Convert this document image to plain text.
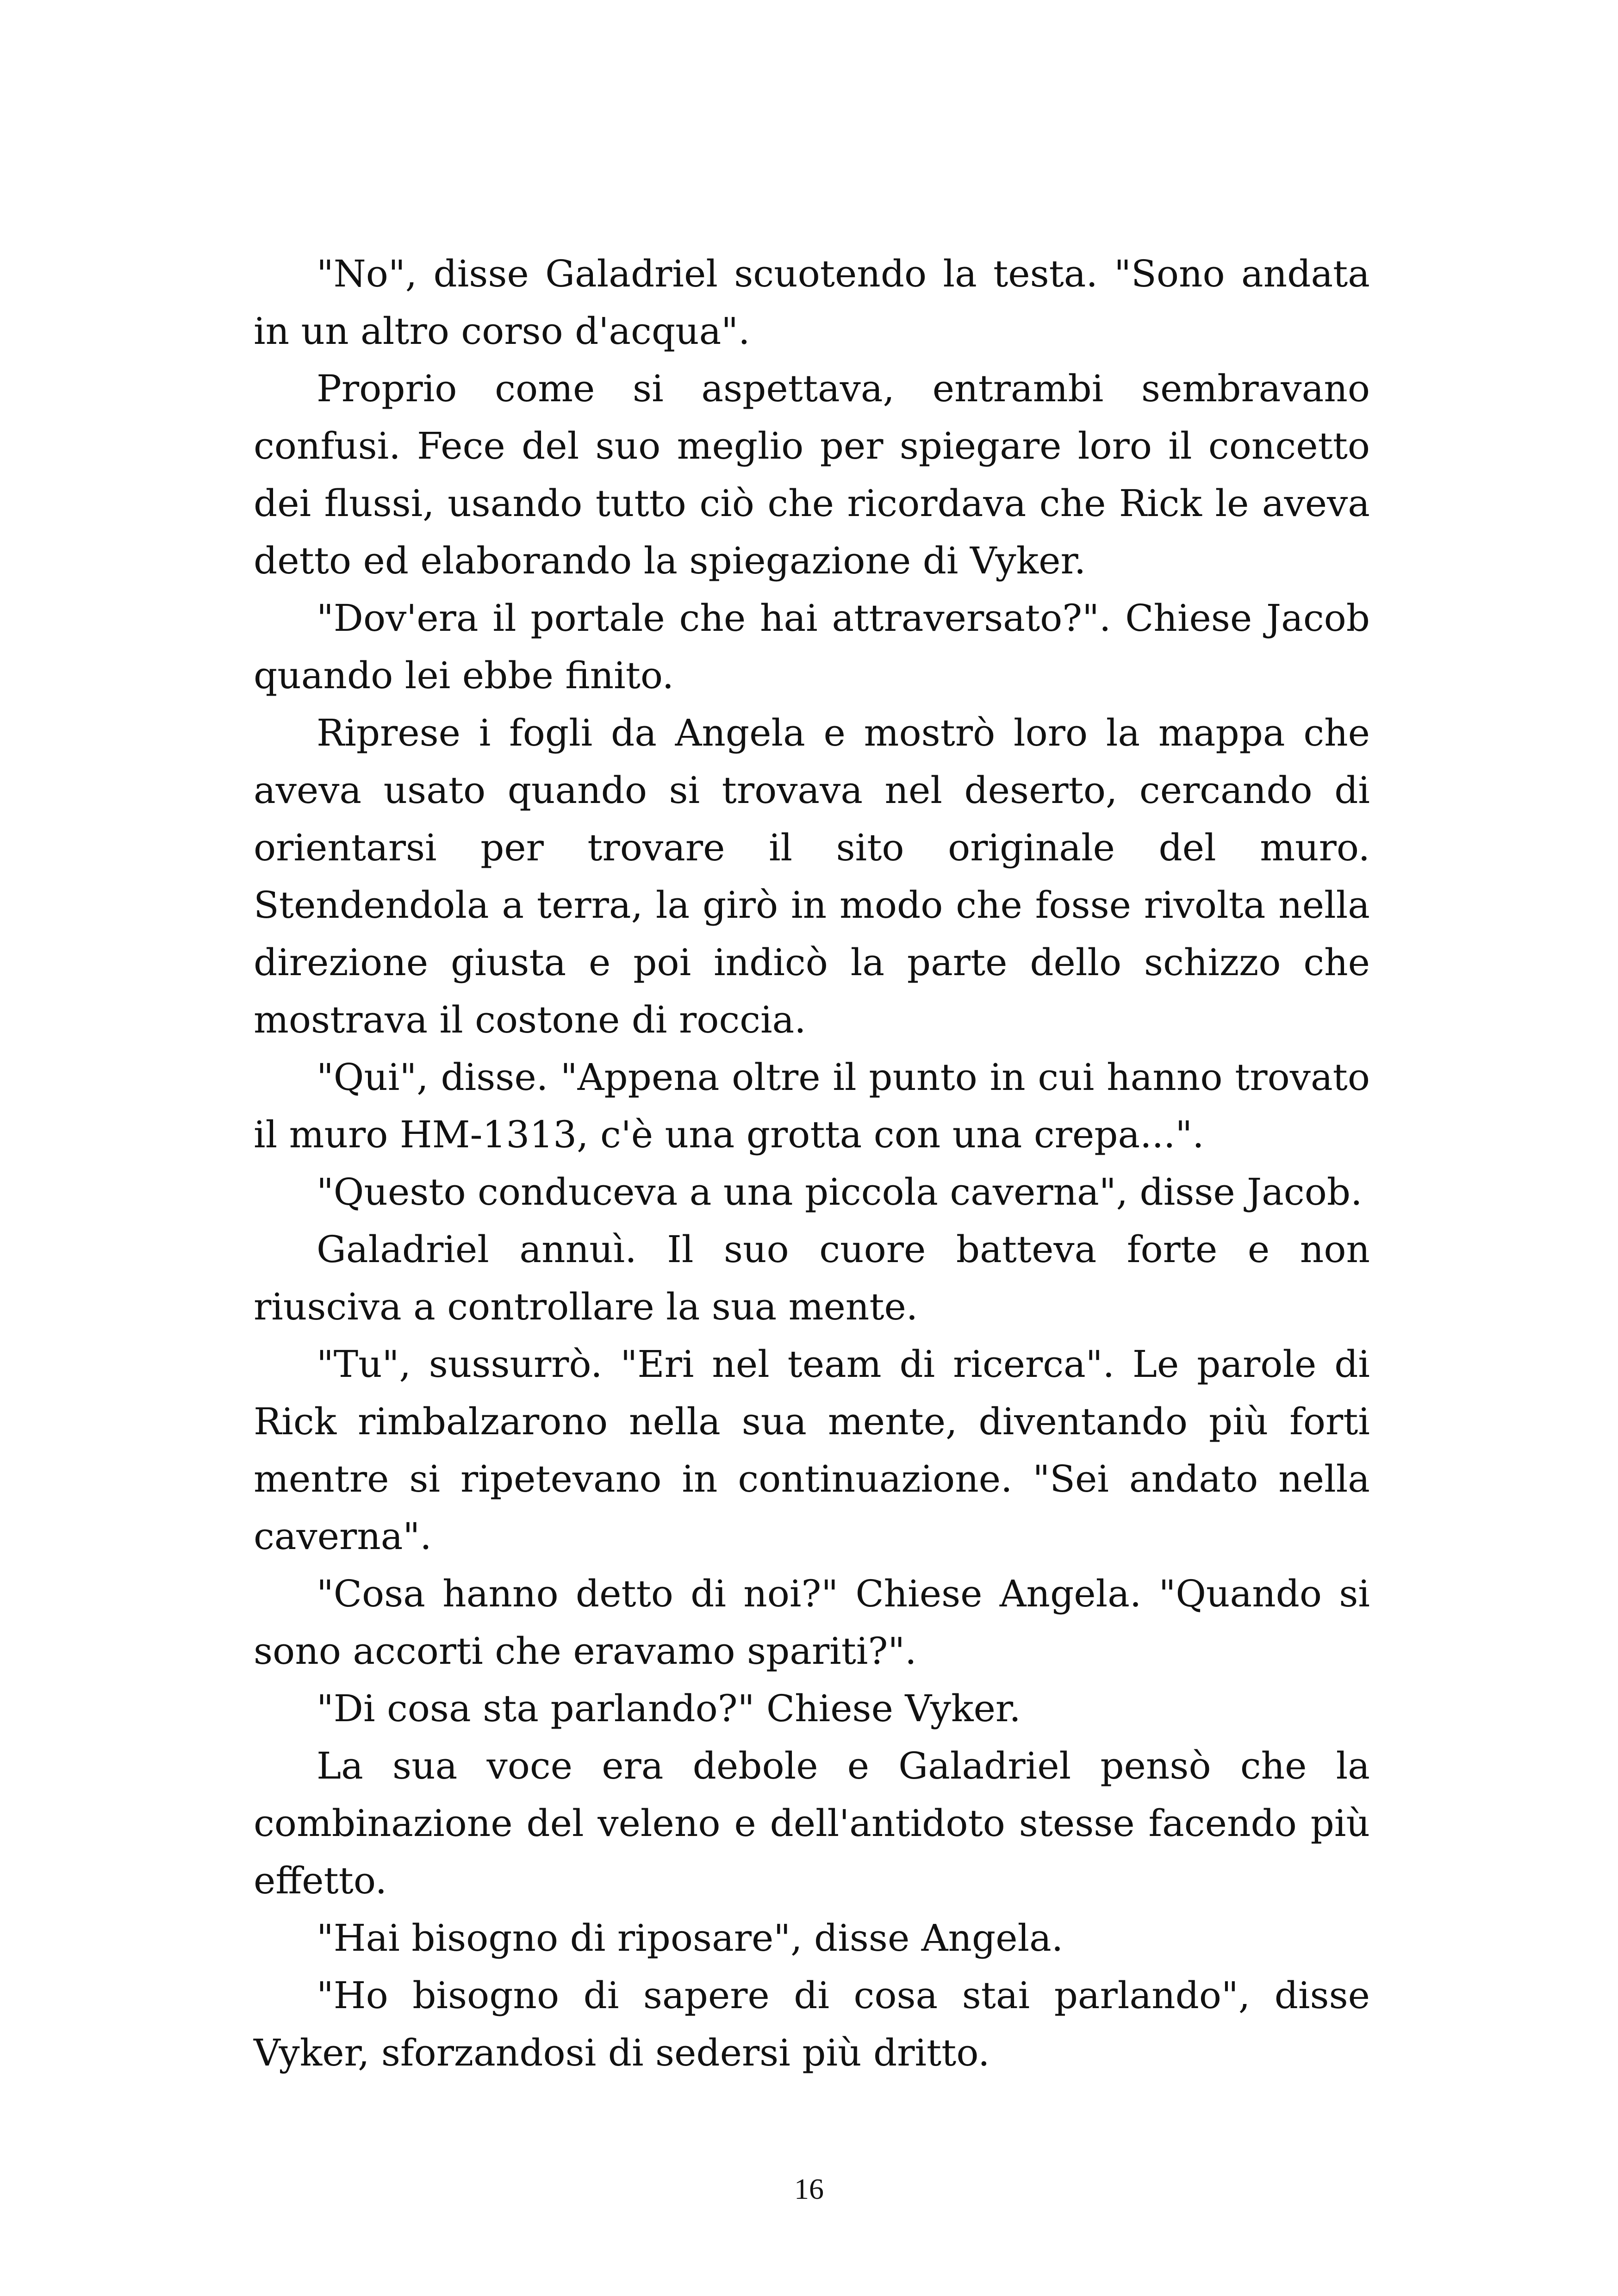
"No", disse Galadriel scuotendo la testa. "Sono andata in un altro corso d'acqua".

Proprio come si aspettava, entrambi sembravano confusi. Fece del suo meglio per spiegare loro il concetto dei flussi, usando tutto ciò che ricordava che Rick le aveva detto ed elaborando la spiegazione di Vyker.

"Dov'era il portale che hai attraversato?". Chiese Jacob quando lei ebbe finito.

Riprese i fogli da Angela e mostrò loro la mappa che aveva usato quando si trovava nel deserto, cercando di orientarsi per trovare il sito originale del muro. Stendendola a terra, la girò in modo che fosse rivolta nella direzione giusta e poi indicò la parte dello schizzo che mostrava il costone di roccia.

"Qui", disse. "Appena oltre il punto in cui hanno trovato il muro HM-1313, c'è una grotta con una crepa...".

"Questo conduceva a una piccola caverna", disse Jacob.

Galadriel annuì. Il suo cuore batteva forte e non riusciva a controllare la sua mente.

"Tu", sussurrò. "Eri nel team di ricerca". Le parole di Rick rimbalzarono nella sua mente, diventando più forti mentre si ripetevano in continuazione. "Sei andato nella caverna".

"Cosa hanno detto di noi?" Chiese Angela. "Quando si sono accorti che eravamo spariti?".

"Di cosa sta parlando?" Chiese Vyker.

La sua voce era debole e Galadriel pensò che la combinazione del veleno e dell'antidoto stesse facendo più effetto.

"Hai bisogno di riposare", disse Angela.

"Ho bisogno di sapere di cosa stai parlando", disse Vyker, sforzandosi di sedersi più dritto.

16
